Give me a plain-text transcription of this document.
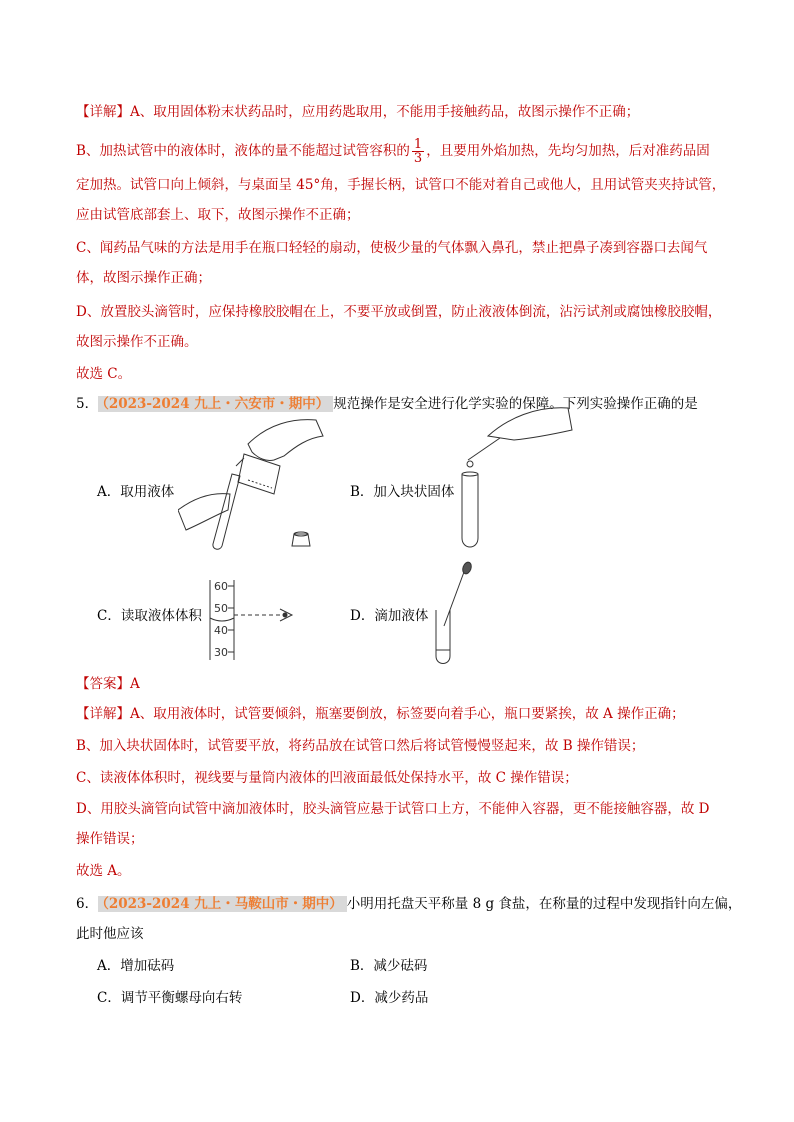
【详解】A、取用固体粉末状药品时，应用药匙取用，不能用手接触药品，故图示操作不正确；
B、加热试管中的液体时，液体的量不能超过试管容积的 $\frac{1}{3}$ ，且要用外焰加热，先均匀加热，后对准药品固
定加热。试管口向上倾斜，与桌面呈 45°角，手握长柄，试管口不能对着自己或他人，且用试管夹夹持试管，
应由试管底部套上、取下，故图示操作不正确；
C、闻药品气味的方法是用手在瓶口轻轻的扇动，使极少量的气体飘入鼻孔，禁止把鼻子凑到容器口去闻气
体，故图示操作正确；
D、放置胶头滴管时，应保持橡胶胶帽在上，不要平放或倒置，防止液液体倒流，沾污试剂或腐蚀橡胶胶帽，
故图示操作不正确。
故选 C。
5． （2023-2024 九上・六安市・期中） 规范操作是安全进行化学实验的保障。下列实验操作正确的是
A．取用液体	B．加入块状固体
C．读取液体体积
60
50
40
30
D．滴加液体
【答案】A
【详解】A、取用液体时，试管要倾斜，瓶塞要倒放，标签要向着手心，瓶口要紧挨，故 A 操作正确；
B、加入块状固体时，试管要平放，将药品放在试管口然后将试管慢慢竖起来，故 B 操作错误；
C、读液体体积时，视线要与量筒内液体的凹液面最低处保持水平，故 C 操作错误；
D、用胶头滴管向试管中滴加液体时，胶头滴管应悬于试管口上方，不能伸入容器，更不能接触容器，故 D
操作错误；
故选 A。
6． （2023-2024 九上・马鞍山市・期中） 小明用托盘天平称量 8 g 食盐，在称量的过程中发现指针向左偏，
此时他应该
A．增加砝码	B．减少砝码
C．调节平衡螺母向右转	D．减少药品
